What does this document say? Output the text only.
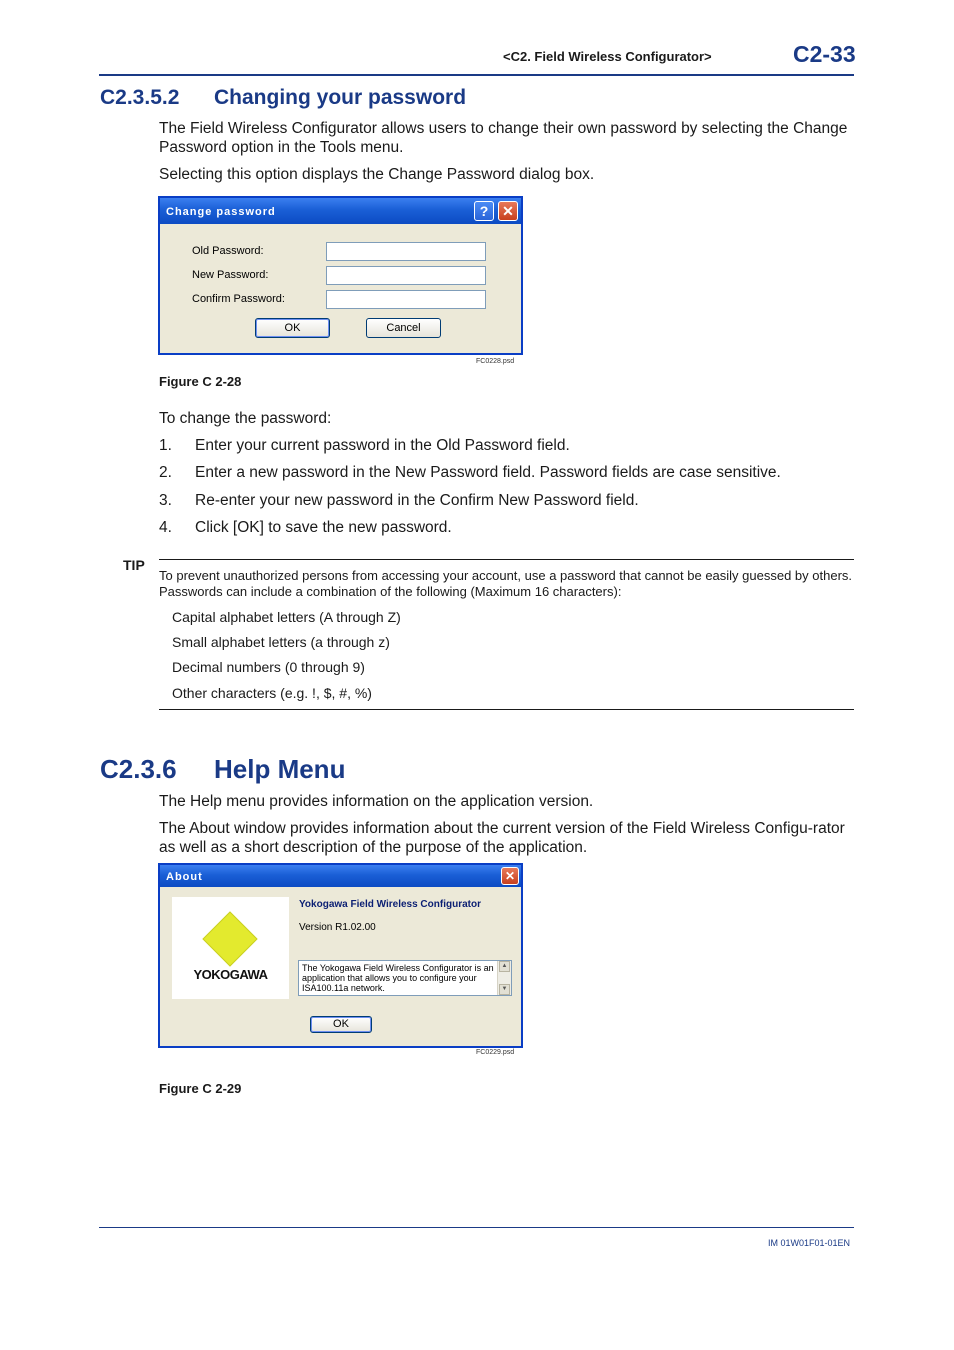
<C2. Field Wireless Configurator>	C2-33
C2.3.5.2 Changing your password
The Field Wireless Configurator allows users to change their own password by selecting the Change Password option in the Tools menu.
Selecting this option displays the Change Password dialog box.
Change password	? ✕
Old Password:
New Password:
Confirm Password:
OK	Cancel
FC0228.psd
Figure C 2-28
To change the password:
1. Enter your current password in the Old Password field.
2. Enter a new password in the New Password field. Password fields are case sensitive.
3. Re-enter your new password in the Confirm New Password field.
4. Click [OK] to save the new password.
TIP
To prevent unauthorized persons from accessing your account, use a password that cannot be easily guessed by others. Passwords can include a combination of the following (Maximum 16 characters):
Capital alphabet letters (A through Z)
Small alphabet letters (a through z)
Decimal numbers (0 through 9)
Other characters (e.g. !, $, #, %)
C2.3.6 Help Menu
The Help menu provides information on the application version.
The About window provides information about the current version of the Field Wireless Configu-rator as well as a short description of the purpose of the application.
About	✕
YOKOGAWA
Yokogawa Field Wireless Configurator
Version R1.02.00
The Yokogawa Field Wireless Configurator is an application that allows you to configure your ISA100.11a network.
▲
▼
OK
FC0229.psd
Figure C 2-29
IM 01W01F01-01EN
